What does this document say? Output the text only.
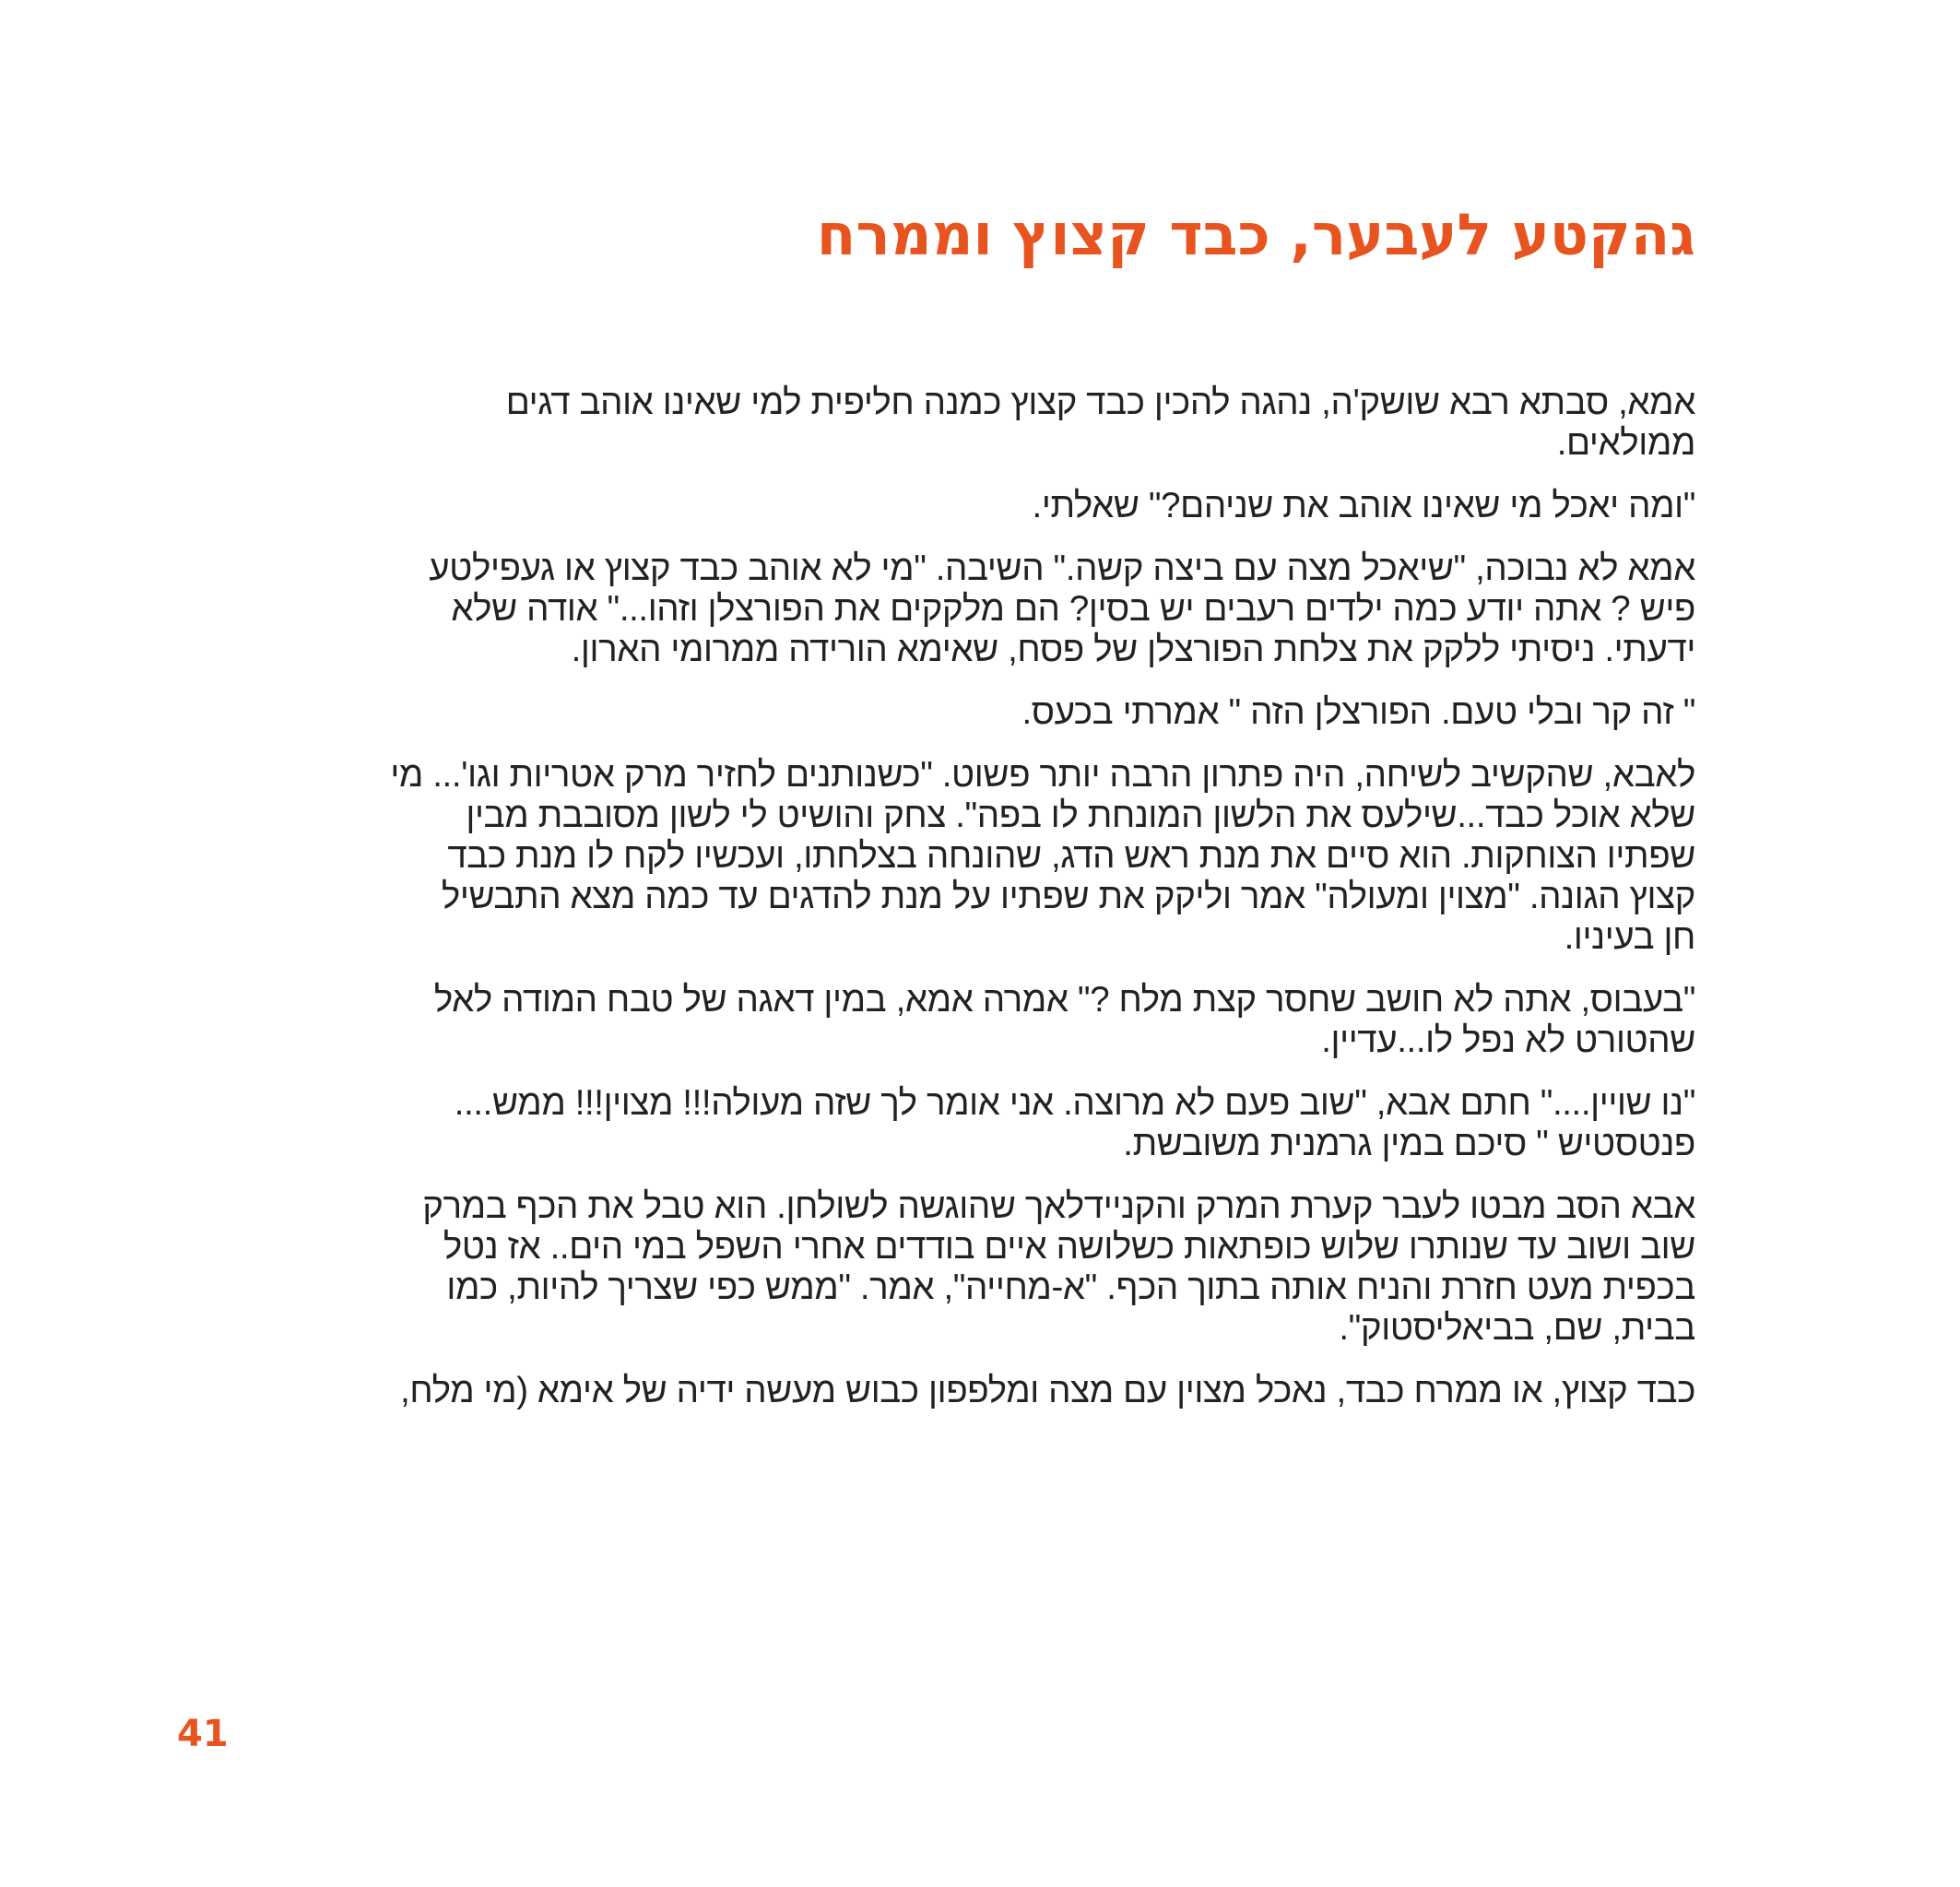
גהקטע לעבער, כבד קצוץ וממרח

אמא, סבתא רבא שושק'ה, נהגה להכין כבד קצוץ כמנה חליפית למי שאינו אוהב דגים
ממולאים.

"ומה יאכל מי שאינו אוהב את שניהם?" שאלתי.

אמא לא נבוכה, "שיאכל מצה עם ביצה קשה." השיבה. "מי לא אוהב כבד קצוץ או געפילטע
פיש ? אתה יודע כמה ילדים רעבים יש בסין? הם מלקקים את הפורצלן וזהו..." אודה שלא
ידעתי. ניסיתי ללקק את צלחת הפורצלן של פסח, שאימא הורידה ממרומי הארון.

" זה קר ובלי טעם. הפורצלן הזה " אמרתי בכעס.

לאבא, שהקשיב לשיחה, היה פתרון הרבה יותר פשוט. "כשנותנים לחזיר מרק אטריות וגו'... מי
שלא אוכל כבד...שילעס את הלשון המונחת לו בפה". צחק והושיט לי לשון מסובבת מבין
שפתיו הצוחקות. הוא סיים את מנת ראש הדג, שהונחה בצלחתו, ועכשיו לקח לו מנת כבד
קצוץ הגונה. "מצוין ומעולה" אמר וליקק את שפתיו על מנת להדגים עד כמה מצא התבשיל
חן בעיניו.

"בעבוס, אתה לא חושב שחסר קצת מלח ?" אמרה אמא, במין דאגה של טבח המודה לאל
שהטורט לא נפל לו...עדיין.

"נו שויין...." חתם אבא, "שוב פעם לא מרוצה. אני אומר לך שזה מעולה!!! מצוין!!! ממש....
פנטסטיש " סיכם במין גרמנית משובשת.

אבא הסב מבטו לעבר קערת המרק והקניידלאך שהוגשה לשולחן. הוא טבל את הכף במרק
שוב ושוב עד שנותרו שלוש כופתאות כשלושה איים בודדים אחרי השפל במי הים.. אז נטל
בכפית מעט חזרת והניח אותה בתוך הכף. "א-מחייה", אמר. "ממש כפי שצריך להיות, כמו
בבית, שם, בביאליסטוק".

כבד קצוץ, או ממרח כבד, נאכל מצוין עם מצה ומלפפון כבוש מעשה ידיה של אימא (מי מלח,

41
